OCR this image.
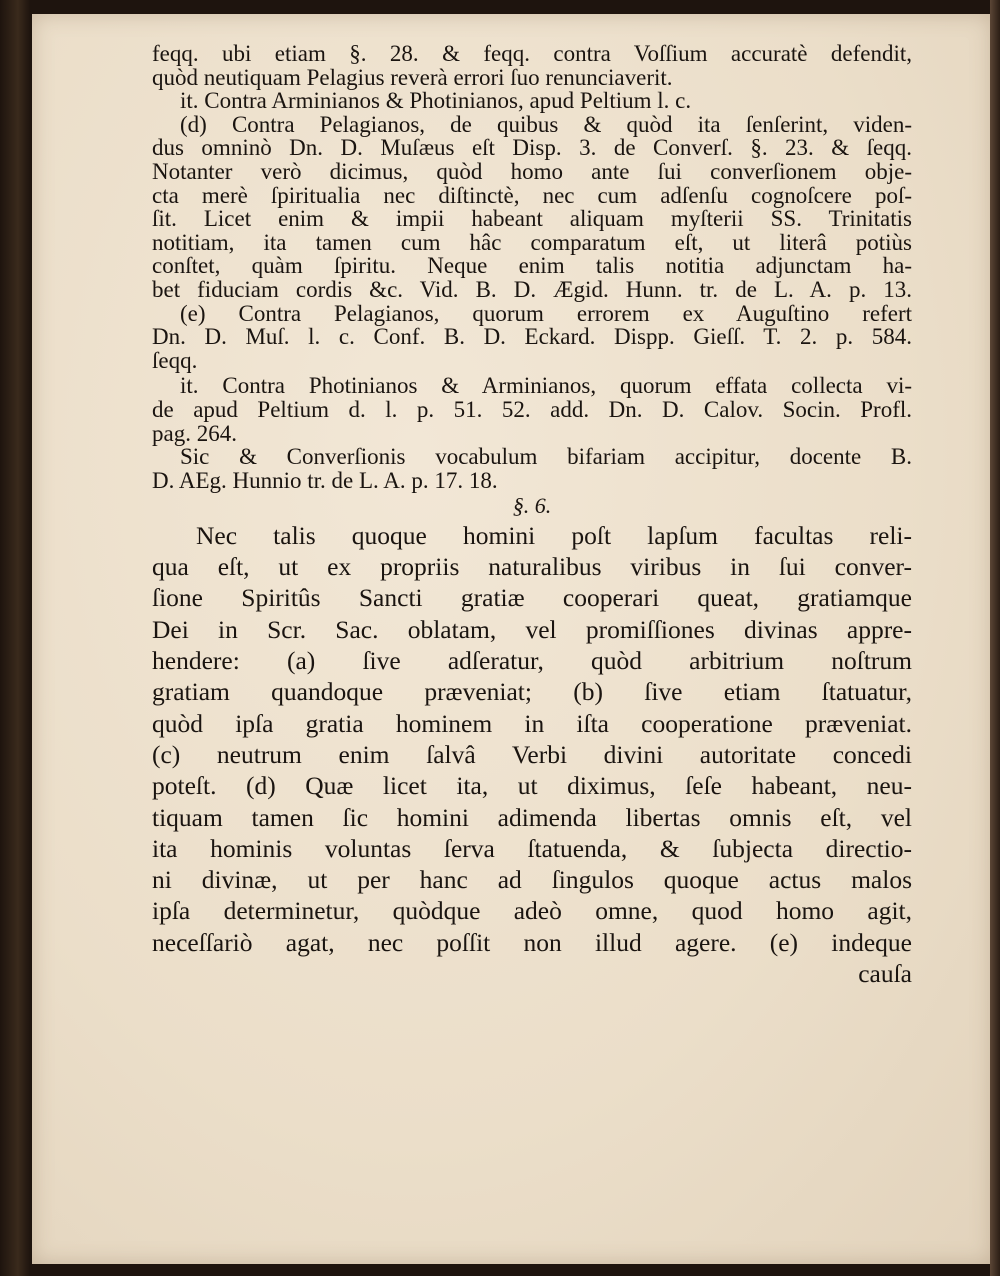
feqq. ubi etiam §. 28. & feqq. contra Voſſium accuratè defendit,

quòd neutiquam Pelagius reverà errori ſuo renunciaverit.

it. Contra Arminianos & Photinianos, apud Peltium l. c.

(d) Contra Pelagianos, de quibus & quòd ita ſenſerint, viden-

dus omninò Dn. D. Muſæus eſt Disp. 3. de Converſ. §. 23. & ſeqq.

Notanter verò dicimus, quòd homo ante ſui converſionem obje-

cta merè ſpiritualia nec diſtinctè, nec cum adſenſu cognoſcere poſ-

ſit. Licet enim & impii habeant aliquam myſterii SS. Trinitatis

notitiam, ita tamen cum hâc comparatum eſt, ut literâ potiùs

conſtet, quàm ſpiritu. Neque enim talis notitia adjunctam ha-

bet fiduciam cordis &c. Vid. B. D. Ægid. Hunn. tr. de L. A. p. 13.

(e) Contra Pelagianos, quorum errorem ex Auguſtino refert

Dn. D. Muſ. l. c. Conf. B. D. Eckard. Dispp. Gieſſ. T. 2. p. 584.

ſeqq.

it. Contra Photinianos & Arminianos, quorum effata collecta vi-

de apud Peltium d. l. p. 51. 52. add. Dn. D. Calov. Socin. Profl.

pag. 264.

Sic & Converſionis vocabulum bifariam accipitur, docente B.

D. AEg. Hunnio tr. de L. A. p. 17. 18.

§. 6.

Nec talis quoque homini poſt lapſum facultas reli-

qua eſt, ut ex propriis naturalibus viribus in ſui conver-

ſione Spiritûs Sancti gratiæ cooperari queat, gratiamque

Dei in Scr. Sac. oblatam, vel promiſſiones divinas appre-

hendere: (a) ſive adſeratur, quòd arbitrium noſtrum

gratiam quandoque præveniat; (b) ſive etiam ſtatuatur,

quòd ipſa gratia hominem in iſta cooperatione præveniat.

(c) neutrum enim ſalvâ Verbi divini autoritate concedi

poteſt. (d) Quæ licet ita, ut diximus, ſeſe habeant, neu-

tiquam tamen ſic homini adimenda libertas omnis eſt, vel

ita hominis voluntas ſerva ſtatuenda, & ſubjecta directio-

ni divinæ, ut per hanc ad ſingulos quoque actus malos

ipſa determinetur, quòdque adeò omne, quod homo agit,

neceſſariò agat, nec poſſit non illud agere. (e) indeque

cauſa
